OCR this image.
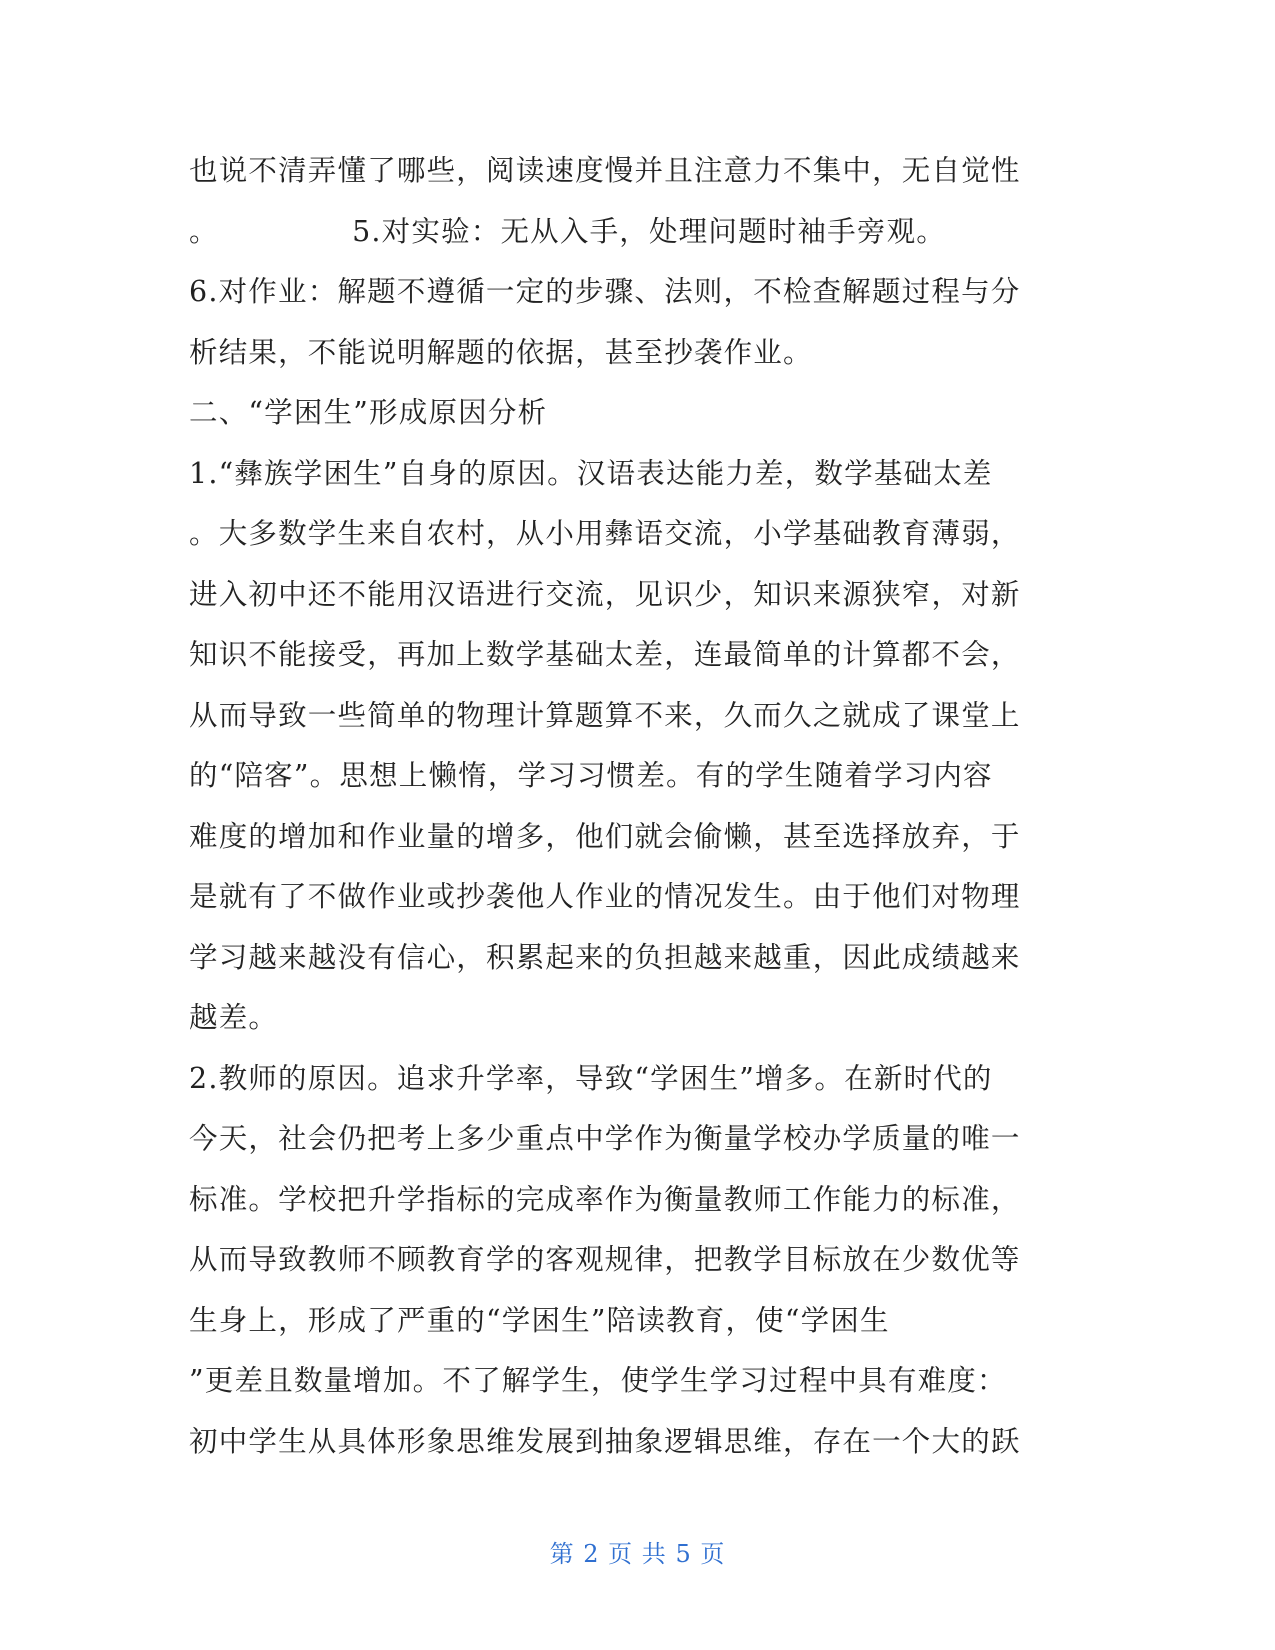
也说不清弄懂了哪些，阅读速度慢并且注意力不集中，无自觉性
。             5.对实验：无从入手，处理问题时袖手旁观。
6.对作业：解题不遵循一定的步骤、法则，不检查解题过程与分
析结果，不能说明解题的依据，甚至抄袭作业。
二、“学困生”形成原因分析
1.“彝族学困生”自身的原因。汉语表达能力差，数学基础太差
。大多数学生来自农村，从小用彝语交流，小学基础教育薄弱，
进入初中还不能用汉语进行交流，见识少，知识来源狭窄，对新
知识不能接受，再加上数学基础太差，连最简单的计算都不会，
从而导致一些简单的物理计算题算不来，久而久之就成了课堂上
的“陪客”。思想上懒惰，学习习惯差。有的学生随着学习内容
难度的增加和作业量的增多，他们就会偷懒，甚至选择放弃，于
是就有了不做作业或抄袭他人作业的情况发生。由于他们对物理
学习越来越没有信心，积累起来的负担越来越重，因此成绩越来
越差。
2.教师的原因。追求升学率，导致“学困生”增多。在新时代的
今天，社会仍把考上多少重点中学作为衡量学校办学质量的唯一
标准。学校把升学指标的完成率作为衡量教师工作能力的标准，
从而导致教师不顾教育学的客观规律，把教学目标放在少数优等
生身上，形成了严重的“学困生”陪读教育，使“学困生
”更差且数量增加。不了解学生，使学生学习过程中具有难度：
初中学生从具体形象思维发展到抽象逻辑思维，存在一个大的跃
第 2 页 共 5 页
